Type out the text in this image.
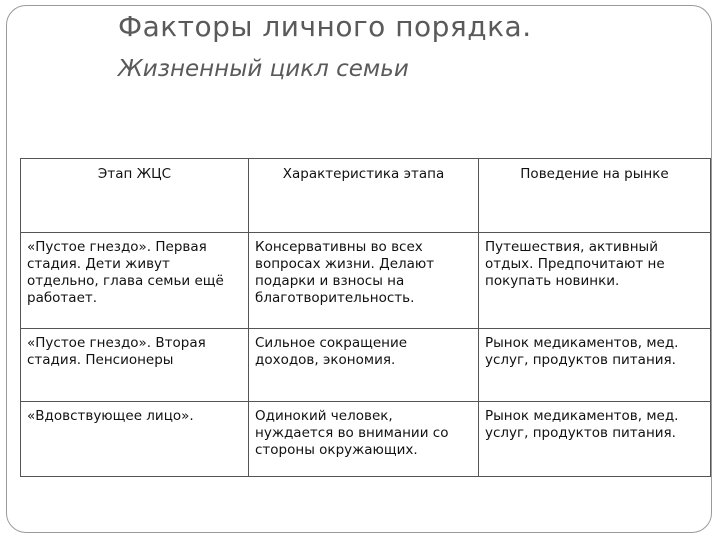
Факторы личного порядка.
Жизненный цикл семьи
Этап ЖЦС	Характеристика этапа	Поведение на рынке
«Пустое гнездо». Первая стадия. Дети живут отдельно, глава семьи ещё работает.	Консервативны во всех вопросах жизни. Делают подарки и взносы на благотворительность.	Путешествия, активный отдых. Предпочитают не покупать новинки.
«Пустое гнездо». Вторая стадия. Пенсионеры	Сильное сокращение доходов, экономия.	Рынок медикаментов, мед. услуг, продуктов питания.
«Вдовствующее лицо».	Одинокий человек, нуждается во внимании со стороны окружающих.	Рынок медикаментов, мед. услуг, продуктов питания.
